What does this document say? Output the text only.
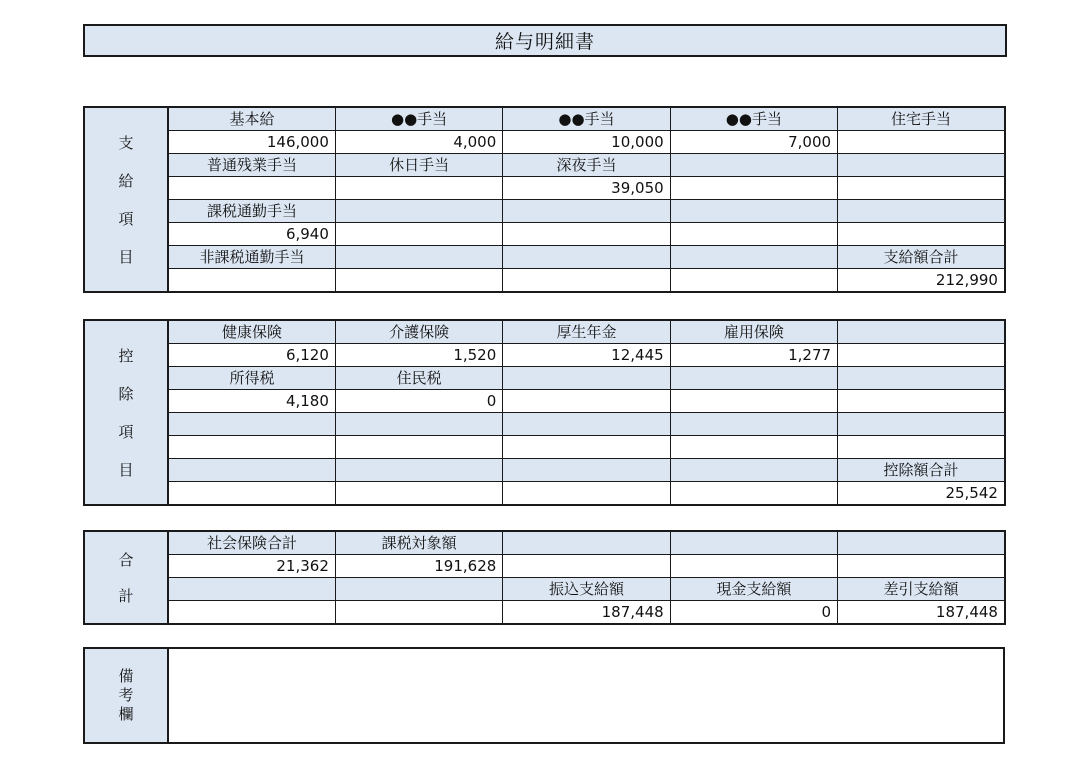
給与明細書
支
給
項
目	基本給	●●手当	●●手当	●●手当	住宅手当
	146,000	4,000	10,000	7,000	
	普通残業手当	休日手当	深夜手当		
			39,050		
	課税通勤手当				
	6,940				
	非課税通勤手当				支給額合計
					212,990
控
除
項
目	健康保険	介護保険	厚生年金	雇用保険	
	6,120	1,520	12,445	1,277	
	所得税	住民税			
	4,180	0			

					控除額合計
					25,542
合
計	社会保険合計	課税対象額			
	21,362	191,628			
			振込支給額	現金支給額	差引支給額
			187,448	0	187,448
備
考
欄
